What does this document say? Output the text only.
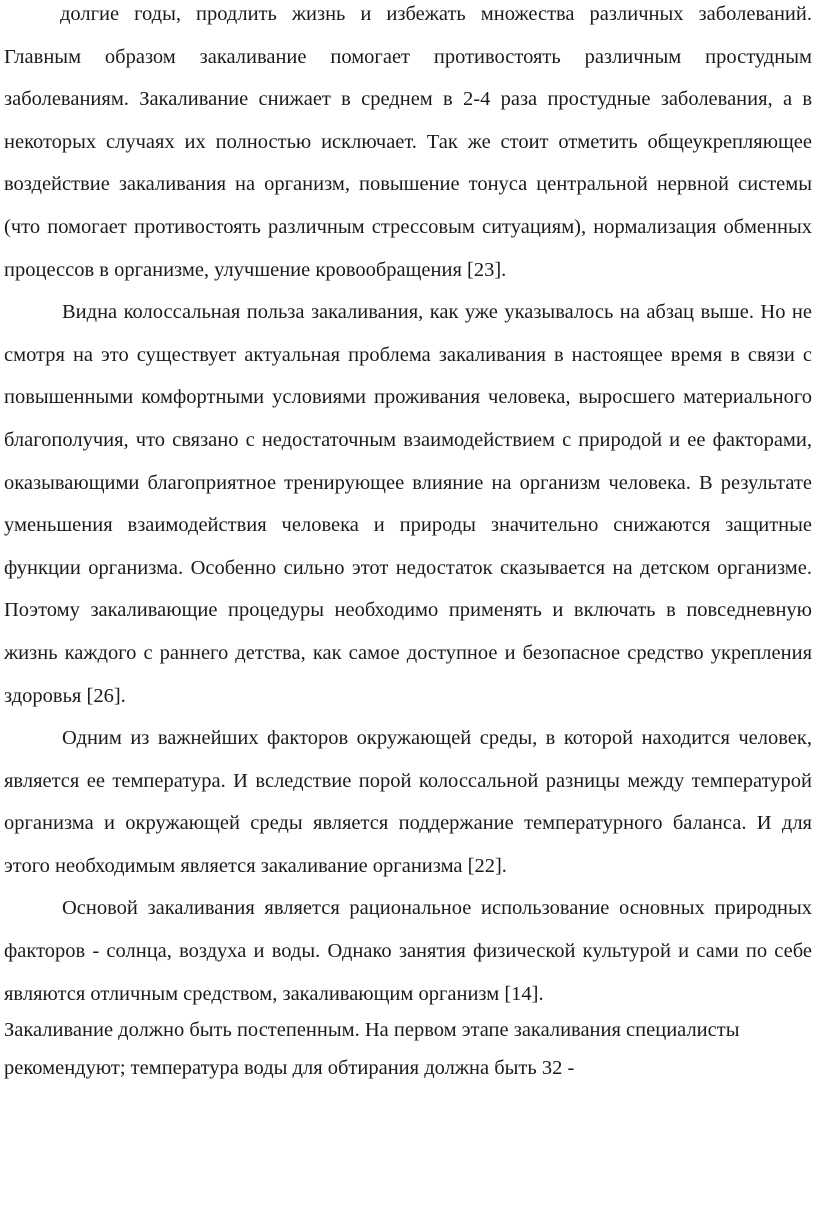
долгие годы, продлить жизнь и избежать множества различных заболеваний. Главным образом закаливание помогает противостоять различным простудным заболеваниям. Закаливание снижает в среднем в 2-4 раза простудные заболевания, а в некоторых случаях их полностью исключает. Так же стоит отметить общеукрепляющее воздействие закаливания на организм, повышение тонуса центральной нервной системы (что помогает противостоять различным стрессовым ситуациям), нормализация обменных процессов в организме, улучшение кровообращения [23].

Видна колоссальная польза закаливания, как уже указывалось на абзац выше. Но не смотря на это существует актуальная проблема закаливания в настоящее время в связи с повышенными комфортными условиями проживания человека, выросшего материального благополучия, что связано с недостаточным взаимодействием с природой и ее факторами, оказывающими благоприятное тренирующее влияние на организм человека. В результате уменьшения взаимодействия человека и природы значительно снижаются защитные функции организма. Особенно сильно этот недостаток сказывается на детском организме. Поэтому закаливающие процедуры необходимо применять и включать в повседневную жизнь каждого с раннего детства, как самое доступное и безопасное средство укрепления здоровья [26].

Одним из важнейших факторов окружающей среды, в которой находится человек, является ее температура. И вследствие порой колоссальной разницы между температурой организма и окружающей среды является поддержание температурного баланса. И для этого необходимым является закаливание организма [22].

Основой закаливания является рациональное использование основных природных факторов - солнца, воздуха и воды. Однако занятия физической культурой и сами по себе являются отличным средством, закаливающим организм [14].

Закаливание должно быть постепенным. На первом этапе закаливания специалисты рекомендуют; температура воды для обтирания должна быть 32 -
